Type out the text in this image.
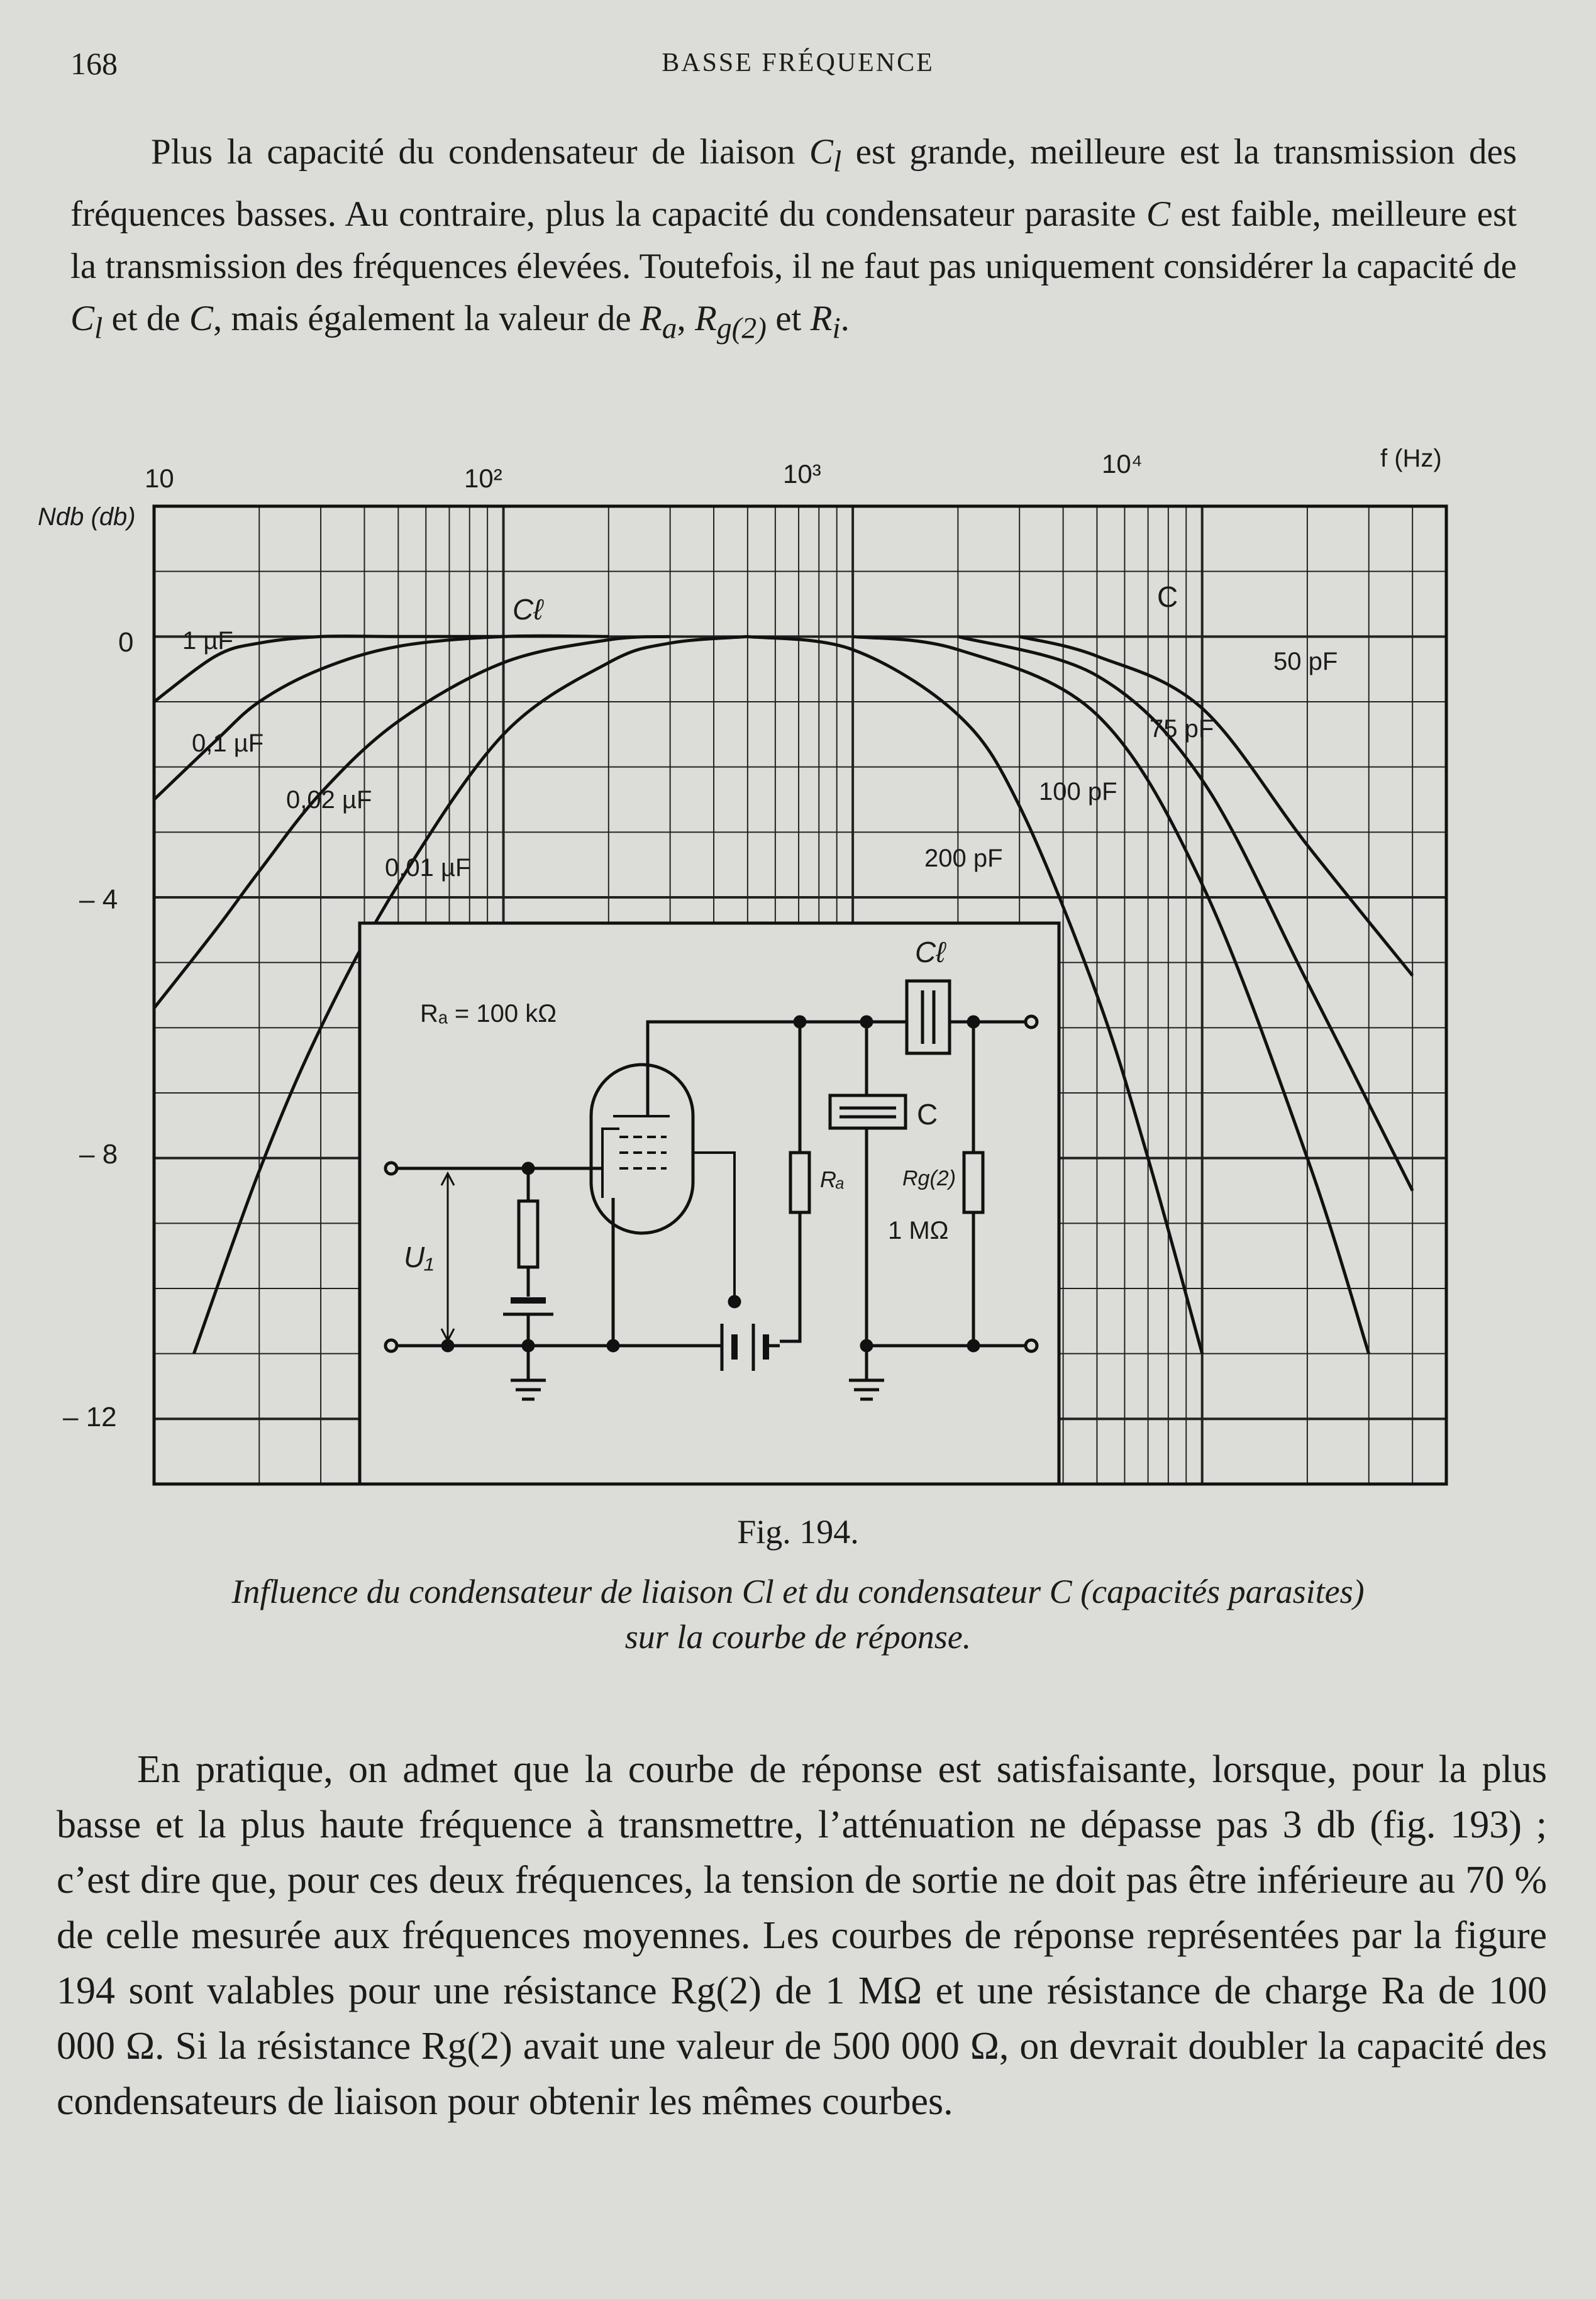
168	BASSE FRÉQUENCE

Plus la capacité du condensateur de liaison $C_l$ est grande, meilleure est la transmission des fréquences basses. Au contraire, plus la capacité du condensateur parasite C est faible, meilleure est la transmission des fréquences élevées. Toutefois, il ne faut pas uniquement considérer la capacité de $C_l$ et de C, mais également la valeur de $R_a$, $R_{g(2)}$ et $R_i$.

Ndb (db)
f (Hz)
10	10²	10³	10⁴
0
– 4
– 8
– 12
Cℓ	C
1 µF
0,1 µF
0,02 µF
0,01 µF
50 pF
75 pF
100 pF
200 pF
Rₐ = 100 kΩ
Cℓ
Rₐ
C
Rg(2)
1 MΩ
U₁
Fig. 194.
Influence du condensateur de liaison Cl et du condensateur C (capacités parasites)
sur la courbe de réponse.

En pratique, on admet que la courbe de réponse est satisfaisante, lorsque, pour la plus basse et la plus haute fréquence à transmettre, l’atténuation ne dépasse pas 3 db (fig. 193) ; c’est dire que, pour ces deux fréquences, la tension de sortie ne doit pas être inférieure au 70 % de celle mesurée aux fréquences moyennes. Les courbes de réponse représentées par la figure 194 sont valables pour une résistance Rg(2) de 1 MΩ et une résistance de charge Ra de 100 000 Ω. Si la résistance Rg(2) avait une valeur de 500 000 Ω, on devrait doubler la capacité des condensateurs de liaison pour obtenir les mêmes courbes.
